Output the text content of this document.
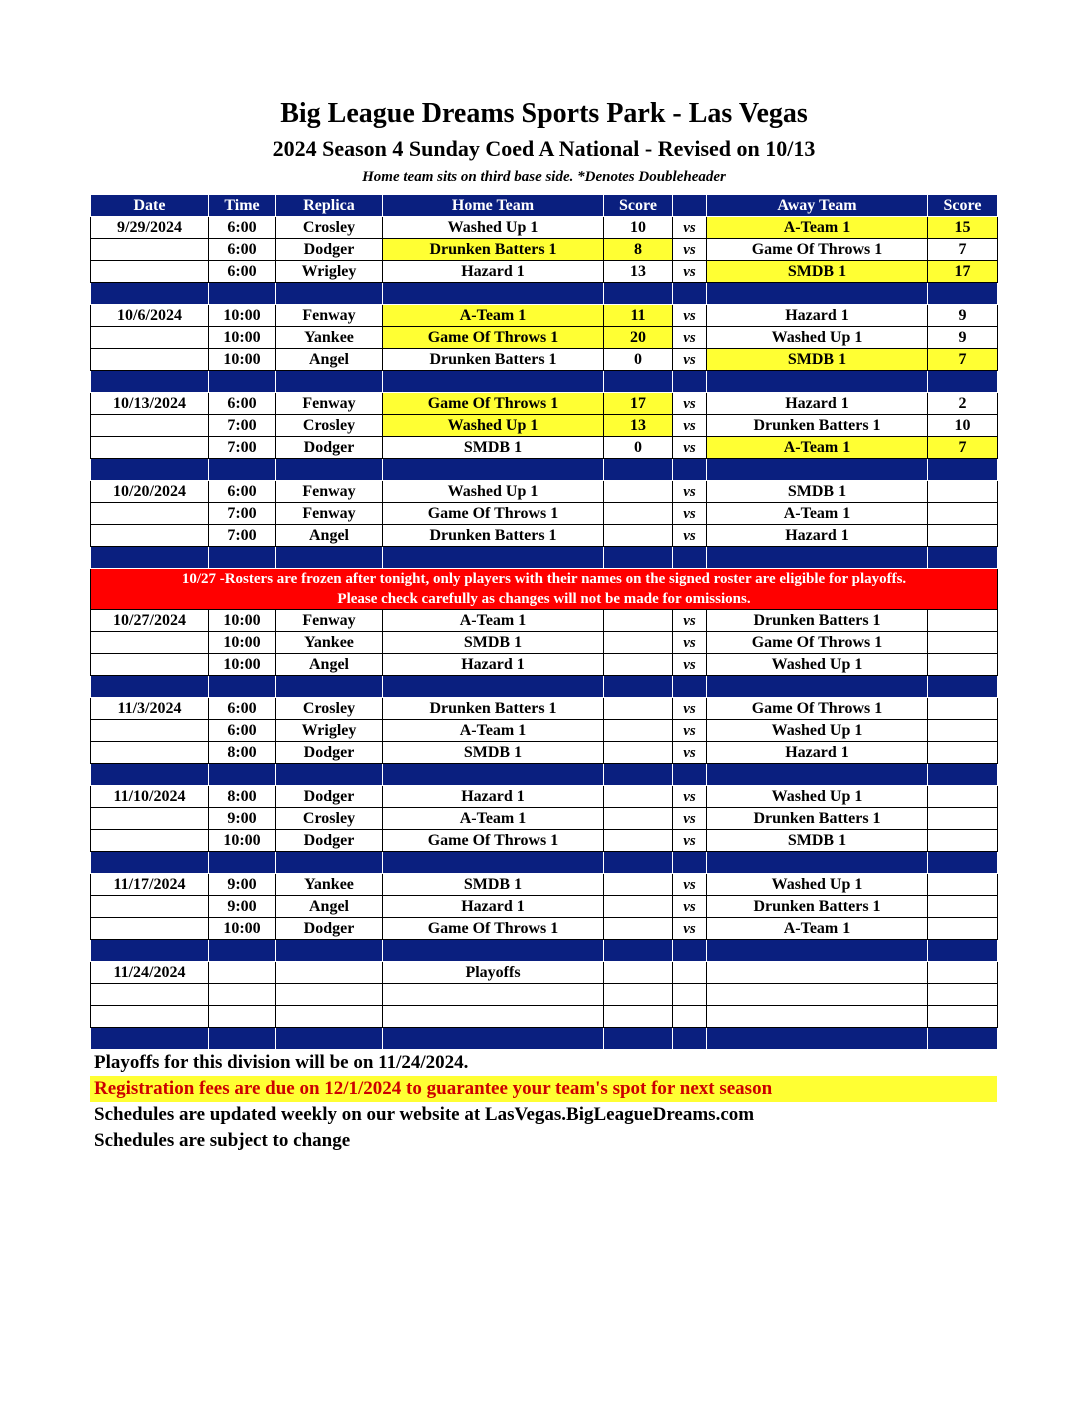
Big League Dreams Sports Park - Las Vegas
2024 Season 4 Sunday Coed A National - Revised on 10/13
Home team sits on third base side. *Denotes Doubleheader
Date	Time	Replica	Home Team	Score		Away Team	Score
9/29/2024	6:00	Crosley	Washed Up 1	10	vs	A-Team 1	15
	6:00	Dodger	Drunken Batters 1	8	vs	Game Of Throws 1	7
	6:00	Wrigley	Hazard 1	13	vs	SMDB 1	17

10/6/2024	10:00	Fenway	A-Team 1	11	vs	Hazard 1	9
	10:00	Yankee	Game Of Throws 1	20	vs	Washed Up 1	9
	10:00	Angel	Drunken Batters 1	0	vs	SMDB 1	7

10/13/2024	6:00	Fenway	Game Of Throws 1	17	vs	Hazard 1	2
	7:00	Crosley	Washed Up 1	13	vs	Drunken Batters 1	10
	7:00	Dodger	SMDB 1	0	vs	A-Team 1	7

10/20/2024	6:00	Fenway	Washed Up 1		vs	SMDB 1	
	7:00	Fenway	Game Of Throws 1		vs	A-Team 1	
	7:00	Angel	Drunken Batters 1		vs	Hazard 1	

10/27 -Rosters are frozen after tonight, only players with their names on the signed roster are eligible for playoffs.
Please check carefully as changes will not be made for omissions.							

10/27/2024	10:00	Fenway	A-Team 1		vs	Drunken Batters 1	
	10:00	Yankee	SMDB 1		vs	Game Of Throws 1	
	10:00	Angel	Hazard 1		vs	Washed Up 1	

11/3/2024	6:00	Crosley	Drunken Batters 1		vs	Game Of Throws 1	
	6:00	Wrigley	A-Team 1		vs	Washed Up 1	
	8:00	Dodger	SMDB 1		vs	Hazard 1	

11/10/2024	8:00	Dodger	Hazard 1		vs	Washed Up 1	
	9:00	Crosley	A-Team 1		vs	Drunken Batters 1	
	10:00	Dodger	Game Of Throws 1		vs	SMDB 1	

11/17/2024	9:00	Yankee	SMDB 1		vs	Washed Up 1	
	9:00	Angel	Hazard 1		vs	Drunken Batters 1	
	10:00	Dodger	Game Of Throws 1		vs	A-Team 1	

11/24/2024			Playoffs				

Playoffs for this division will be on 11/24/2024.
Registration fees are due on 12/1/2024 to guarantee your team's spot for next season
Schedules are updated weekly on our website at LasVegas.BigLeagueDreams.com
Schedules are subject to change
